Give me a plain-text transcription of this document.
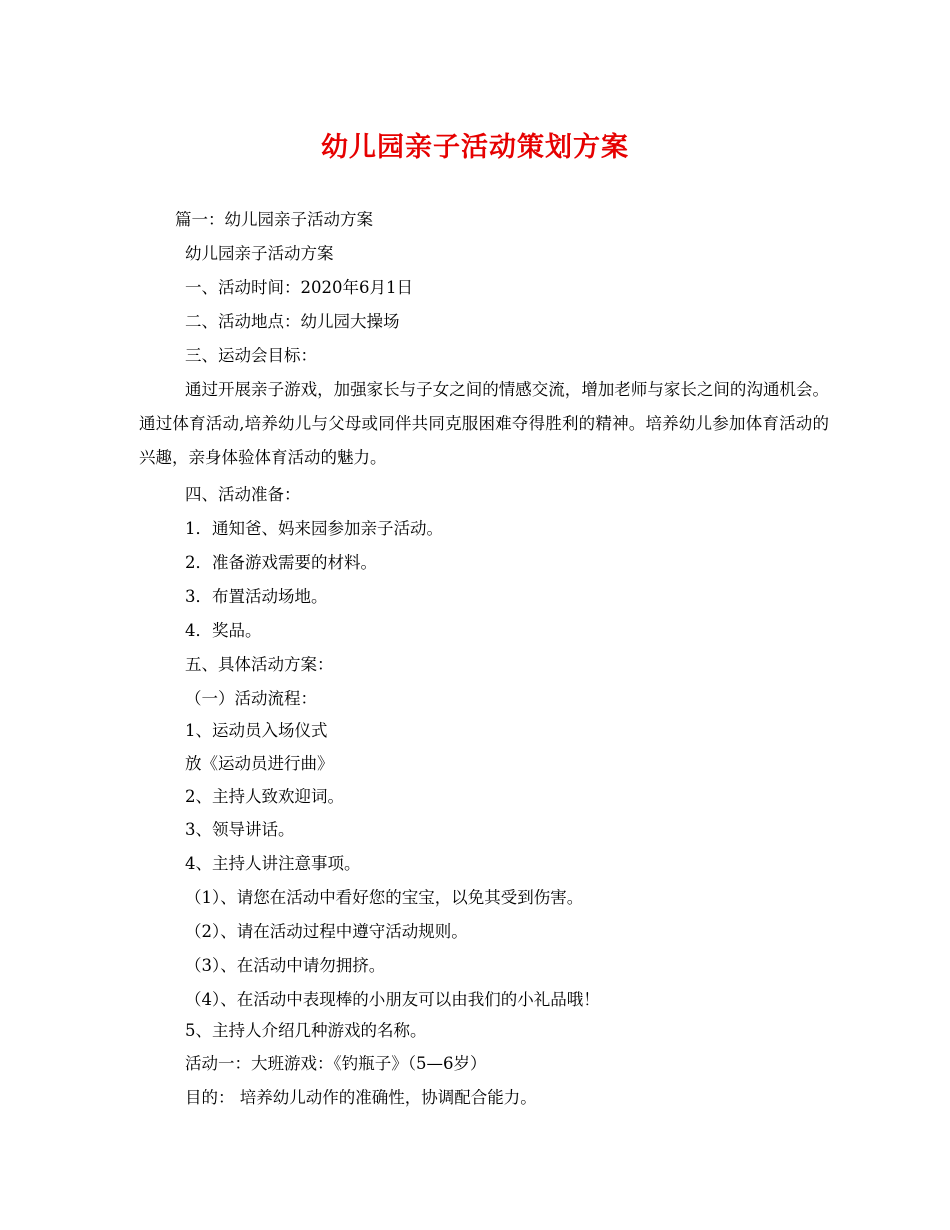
幼儿园亲子活动策划方案
篇一：幼儿园亲子活动方案
幼儿园亲子活动方案
一、活动时间：2020年6月1日
二、活动地点：幼儿园大操场
三、运动会目标：
通过开展亲子游戏，加强家长与子女之间的情感交流，增加老师与家长之间的沟通机会。通过体育活动,培养幼儿与父母或同伴共同克服困难夺得胜利的精神。培养幼儿参加体育活动的兴趣，亲身体验体育活动的魅力。
四、活动准备：
1．通知爸、妈来园参加亲子活动。
2．准备游戏需要的材料。
3．布置活动场地。
4．奖品。
五、具体活动方案：
（一）活动流程：
1、运动员入场仪式
放《运动员进行曲》
2、主持人致欢迎词。
3、领导讲话。
4、主持人讲注意事项。
（1）、请您在活动中看好您的宝宝，以免其受到伤害。
（2）、请在活动过程中遵守活动规则。
（3）、在活动中请勿拥挤。
（4）、在活动中表现棒的小朋友可以由我们的小礼品哦！
5、主持人介绍几种游戏的名称。
活动一：大班游戏：《钓瓶子》（5—6岁）
目的： 培养幼儿动作的准确性，协调配合能力。
